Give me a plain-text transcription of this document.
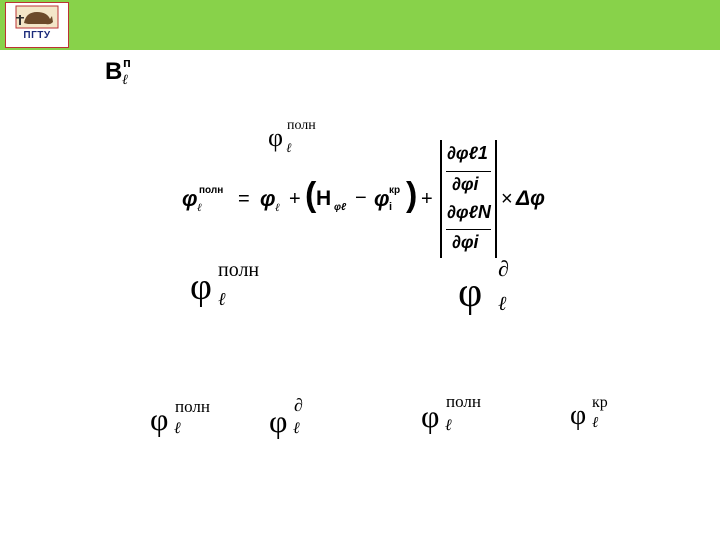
ПГТУ
В п
ℓ
φ полн
ℓ
φ полн
ℓ = φ ℓ + ( H φℓ − φ кр
i ) +
∂φℓ1
∂φi
∂φℓN
∂φi
× Δφ
φ полн
ℓ	φ
∂
ℓ
φ полн
ℓ	φ ∂
ℓ	φ полн
ℓ	φ кр
ℓ
